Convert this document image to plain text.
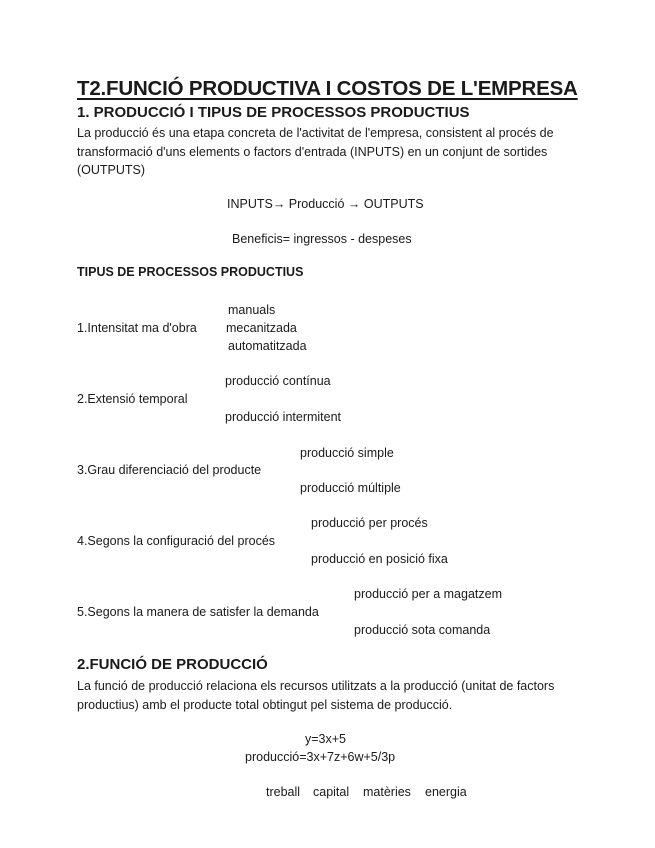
T2.FUNCIÓ PRODUCTIVA I COSTOS DE L'EMPRESA
1. PRODUCCIÓ I TIPUS DE PROCESSOS PRODUCTIUS
La producció és una etapa concreta de l'activitat de l'empresa, consistent al procés de transformació d'uns elements o factors d'entrada (INPUTS) en un conjunt de sortides (OUTPUTS)
INPUTS→ Producció → OUTPUTS
Beneficis= ingressos - despeses
TIPUS DE PROCESSOS PRODUCTIUS
manuals
1.Intensitat ma d'obra mecanitzada
automatitzada
producció contínua
2.Extensió temporal
producció intermitent
producció simple
3.Grau diferenciació del producte
producció múltiple
producció per procés
4.Segons la configuració del procés
producció en posició fixa
producció per a magatzem
5.Segons la manera de satisfer la demanda
producció sota comanda
2.FUNCIÓ DE PRODUCCIÓ
La funció de producció relaciona els recursos utilitzats a la producció (unitat de factors productius) amb el producte total obtingut pel sistema de producció.
y=3x+5
producció=3x+7z+6w+5/3p
treball capital matèries energia
